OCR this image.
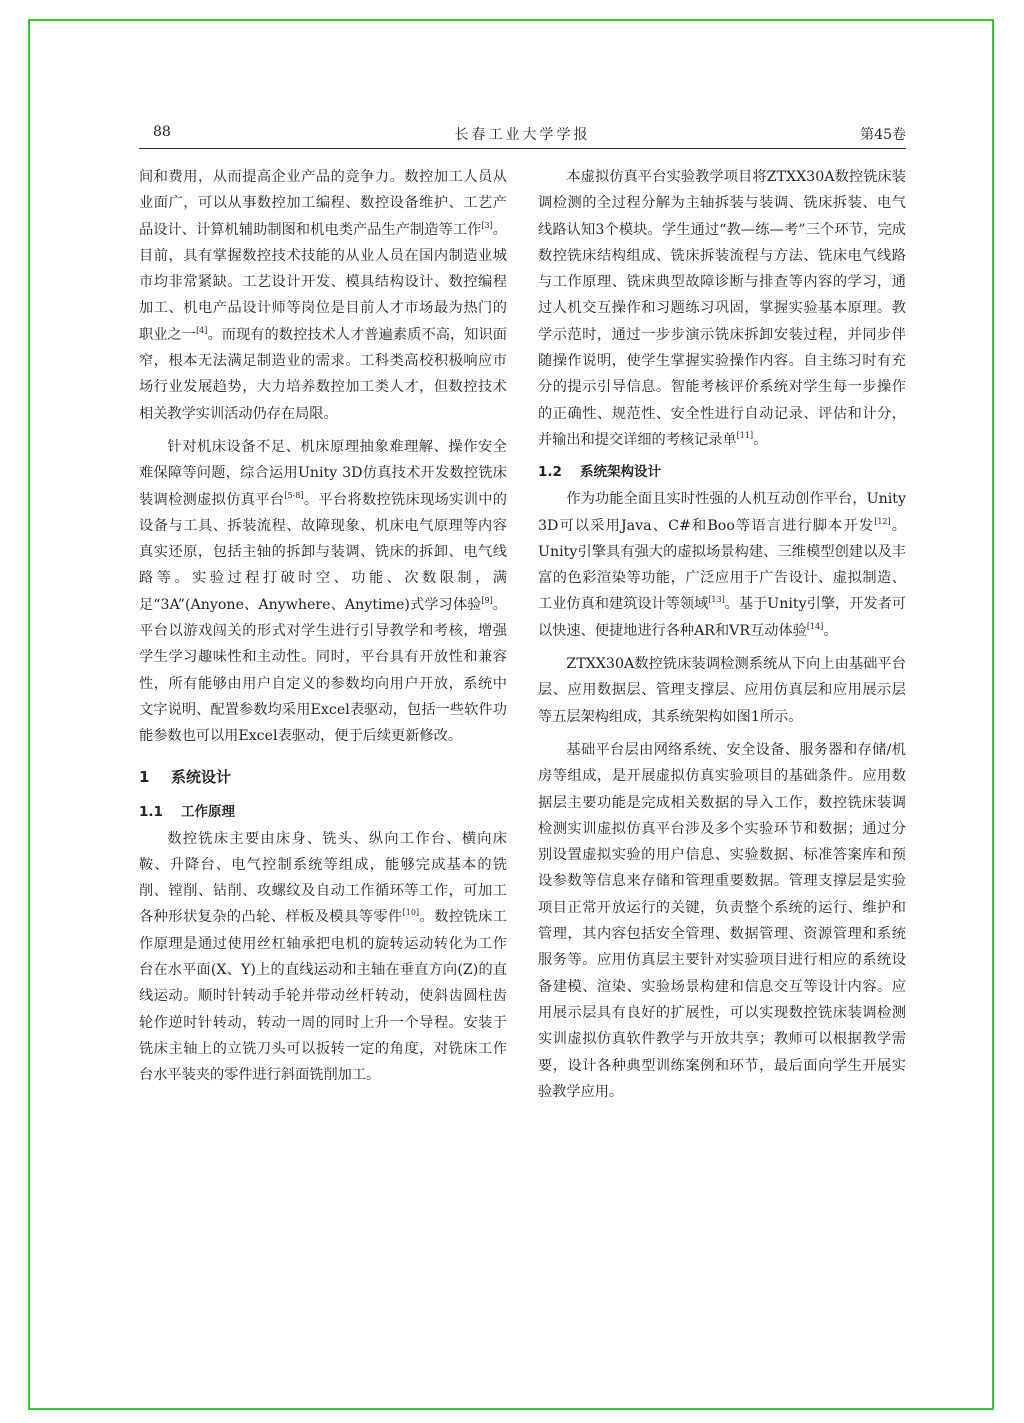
88	长春工业大学学报	第45卷

间和费用，从而提高企业产品的竞争力。数控加工人员从业面广，可以从事数控加工编程、数控设备维护、工艺产品设计、计算机辅助制图和机电类产品生产制造等工作[3]。目前，具有掌握数控技术技能的从业人员在国内制造业城市均非常紧缺。工艺设计开发、模具结构设计、数控编程加工、机电产品设计师等岗位是目前人才市场最为热门的职业之一[4]。而现有的数控技术人才普遍素质不高，知识面窄，根本无法满足制造业的需求。工科类高校积极响应市场行业发展趋势，大力培养数控加工类人才，但数控技术相关教学实训活动仍存在局限。

针对机床设备不足、机床原理抽象难理解、操作安全难保障等问题，综合运用Unity 3D仿真技术开发数控铣床装调检测虚拟仿真平台[5-8]。平台将数控铣床现场实训中的设备与工具、拆装流程、故障现象、机床电气原理等内容真实还原，包括主轴的拆卸与装调、铣床的拆卸、电气线路等。实验过程打破时空、功能、次数限制，满足“3A”(Anyone、Anywhere、Anytime)式学习体验[9]。平台以游戏闯关的形式对学生进行引导教学和考核，增强学生学习趣味性和主动性。同时，平台具有开放性和兼容性，所有能够由用户自定义的参数均向用户开放，系统中文字说明、配置参数均采用Excel表驱动，包括一些软件功能参数也可以用Excel表驱动，便于后续更新修改。

1 系统设计
1.1 工作原理

数控铣床主要由床身、铣头、纵向工作台、横向床鞍、升降台、电气控制系统等组成，能够完成基本的铣削、镗削、钻削、攻螺纹及自动工作循环等工作，可加工各种形状复杂的凸轮、样板及模具等零件[10]。数控铣床工作原理是通过使用丝杠轴承把电机的旋转运动转化为工作台在水平面(X、Y)上的直线运动和主轴在垂直方向(Z)的直线运动。顺时针转动手轮并带动丝杆转动，使斜齿圆柱齿轮作逆时针转动，转动一周的同时上升一个导程。安装于铣床主轴上的立铣刀头可以扳转一定的角度，对铣床工作台水平装夹的零件进行斜面铣削加工。

本虚拟仿真平台实验教学项目将ZTXX30A数控铣床装调检测的全过程分解为主轴拆装与装调、铣床拆装、电气线路认知3个模块。学生通过“教—练—考”三个环节，完成数控铣床结构组成、铣床拆装流程与方法、铣床电气线路与工作原理、铣床典型故障诊断与排查等内容的学习，通过人机交互操作和习题练习巩固，掌握实验基本原理。教学示范时，通过一步步演示铣床拆卸安装过程，并同步伴随操作说明，使学生掌握实验操作内容。自主练习时有充分的提示引导信息。智能考核评价系统对学生每一步操作的正确性、规范性、安全性进行自动记录、评估和计分，并输出和提交详细的考核记录单[11]。

1.2 系统架构设计

作为功能全面且实时性强的人机互动创作平台，Unity 3D可以采用Java、C#和Boo等语言进行脚本开发[12]。Unity引擎具有强大的虚拟场景构建、三维模型创建以及丰富的色彩渲染等功能，广泛应用于广告设计、虚拟制造、工业仿真和建筑设计等领域[13]。基于Unity引擎，开发者可以快速、便捷地进行各种AR和VR互动体验[14]。

ZTXX30A数控铣床装调检测系统从下向上由基础平台层、应用数据层、管理支撑层、应用仿真层和应用展示层等五层架构组成，其系统架构如图1所示。

基础平台层由网络系统、安全设备、服务器和存储/机房等组成，是开展虚拟仿真实验项目的基础条件。应用数据层主要功能是完成相关数据的导入工作，数控铣床装调检测实训虚拟仿真平台涉及多个实验环节和数据；通过分别设置虚拟实验的用户信息、实验数据、标准答案库和预设参数等信息来存储和管理重要数据。管理支撑层是实验项目正常开放运行的关键，负责整个系统的运行、维护和管理，其内容包括安全管理、数据管理、资源管理和系统服务等。应用仿真层主要针对实验项目进行相应的系统设备建模、渲染、实验场景构建和信息交互等设计内容。应用展示层具有良好的扩展性，可以实现数控铣床装调检测实训虚拟仿真软件教学与开放共享；教师可以根据教学需要，设计各种典型训练案例和环节，最后面向学生开展实验教学应用。
